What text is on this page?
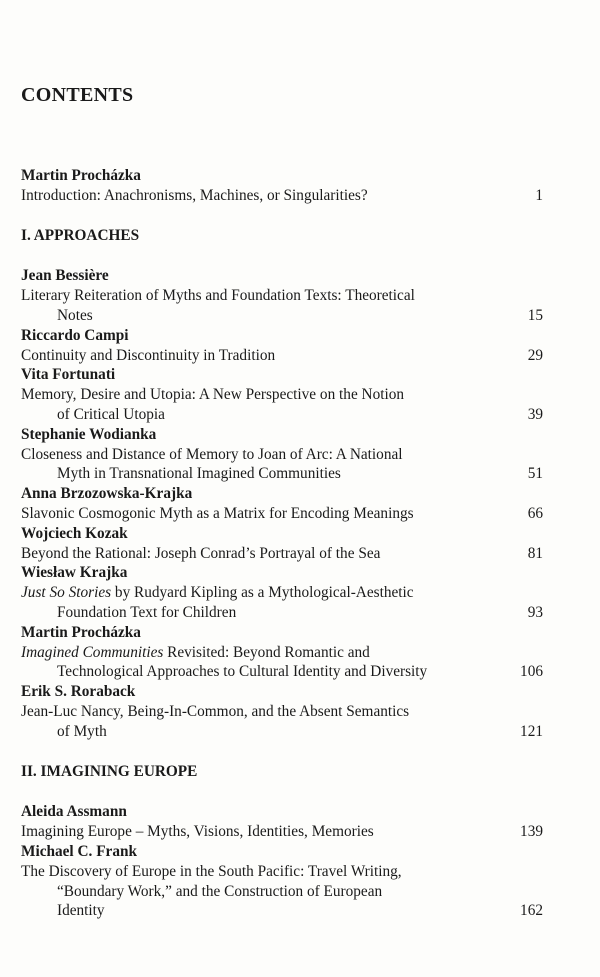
CONTENTS
Martin Procházka
Introduction: Anachronisms, Machines, or Singularities?	1
I. APPROACHES
Jean Bessière
Literary Reiteration of Myths and Foundation Texts: Theoretical
Notes	15
Riccardo Campi
Continuity and Discontinuity in Tradition	29
Vita Fortunati
Memory, Desire and Utopia: A New Perspective on the Notion
of Critical Utopia	39
Stephanie Wodianka
Closeness and Distance of Memory to Joan of Arc: A National
Myth in Transnational Imagined Communities	51
Anna Brzozowska-Krajka
Slavonic Cosmogonic Myth as a Matrix for Encoding Meanings	66
Wojciech Kozak
Beyond the Rational: Joseph Conrad’s Portrayal of the Sea	81
Wiesław Krajka
Just So Stories by Rudyard Kipling as a Mythological-Aesthetic
Foundation Text for Children	93
Martin Procházka
Imagined Communities Revisited: Beyond Romantic and
Technological Approaches to Cultural Identity and Diversity	106
Erik S. Roraback
Jean-Luc Nancy, Being-In-Common, and the Absent Semantics
of Myth	121
II. IMAGINING EUROPE
Aleida Assmann
Imagining Europe – Myths, Visions, Identities, Memories	139
Michael C. Frank
The Discovery of Europe in the South Pacific: Travel Writing,
“Boundary Work,” and the Construction of European
Identity	162
